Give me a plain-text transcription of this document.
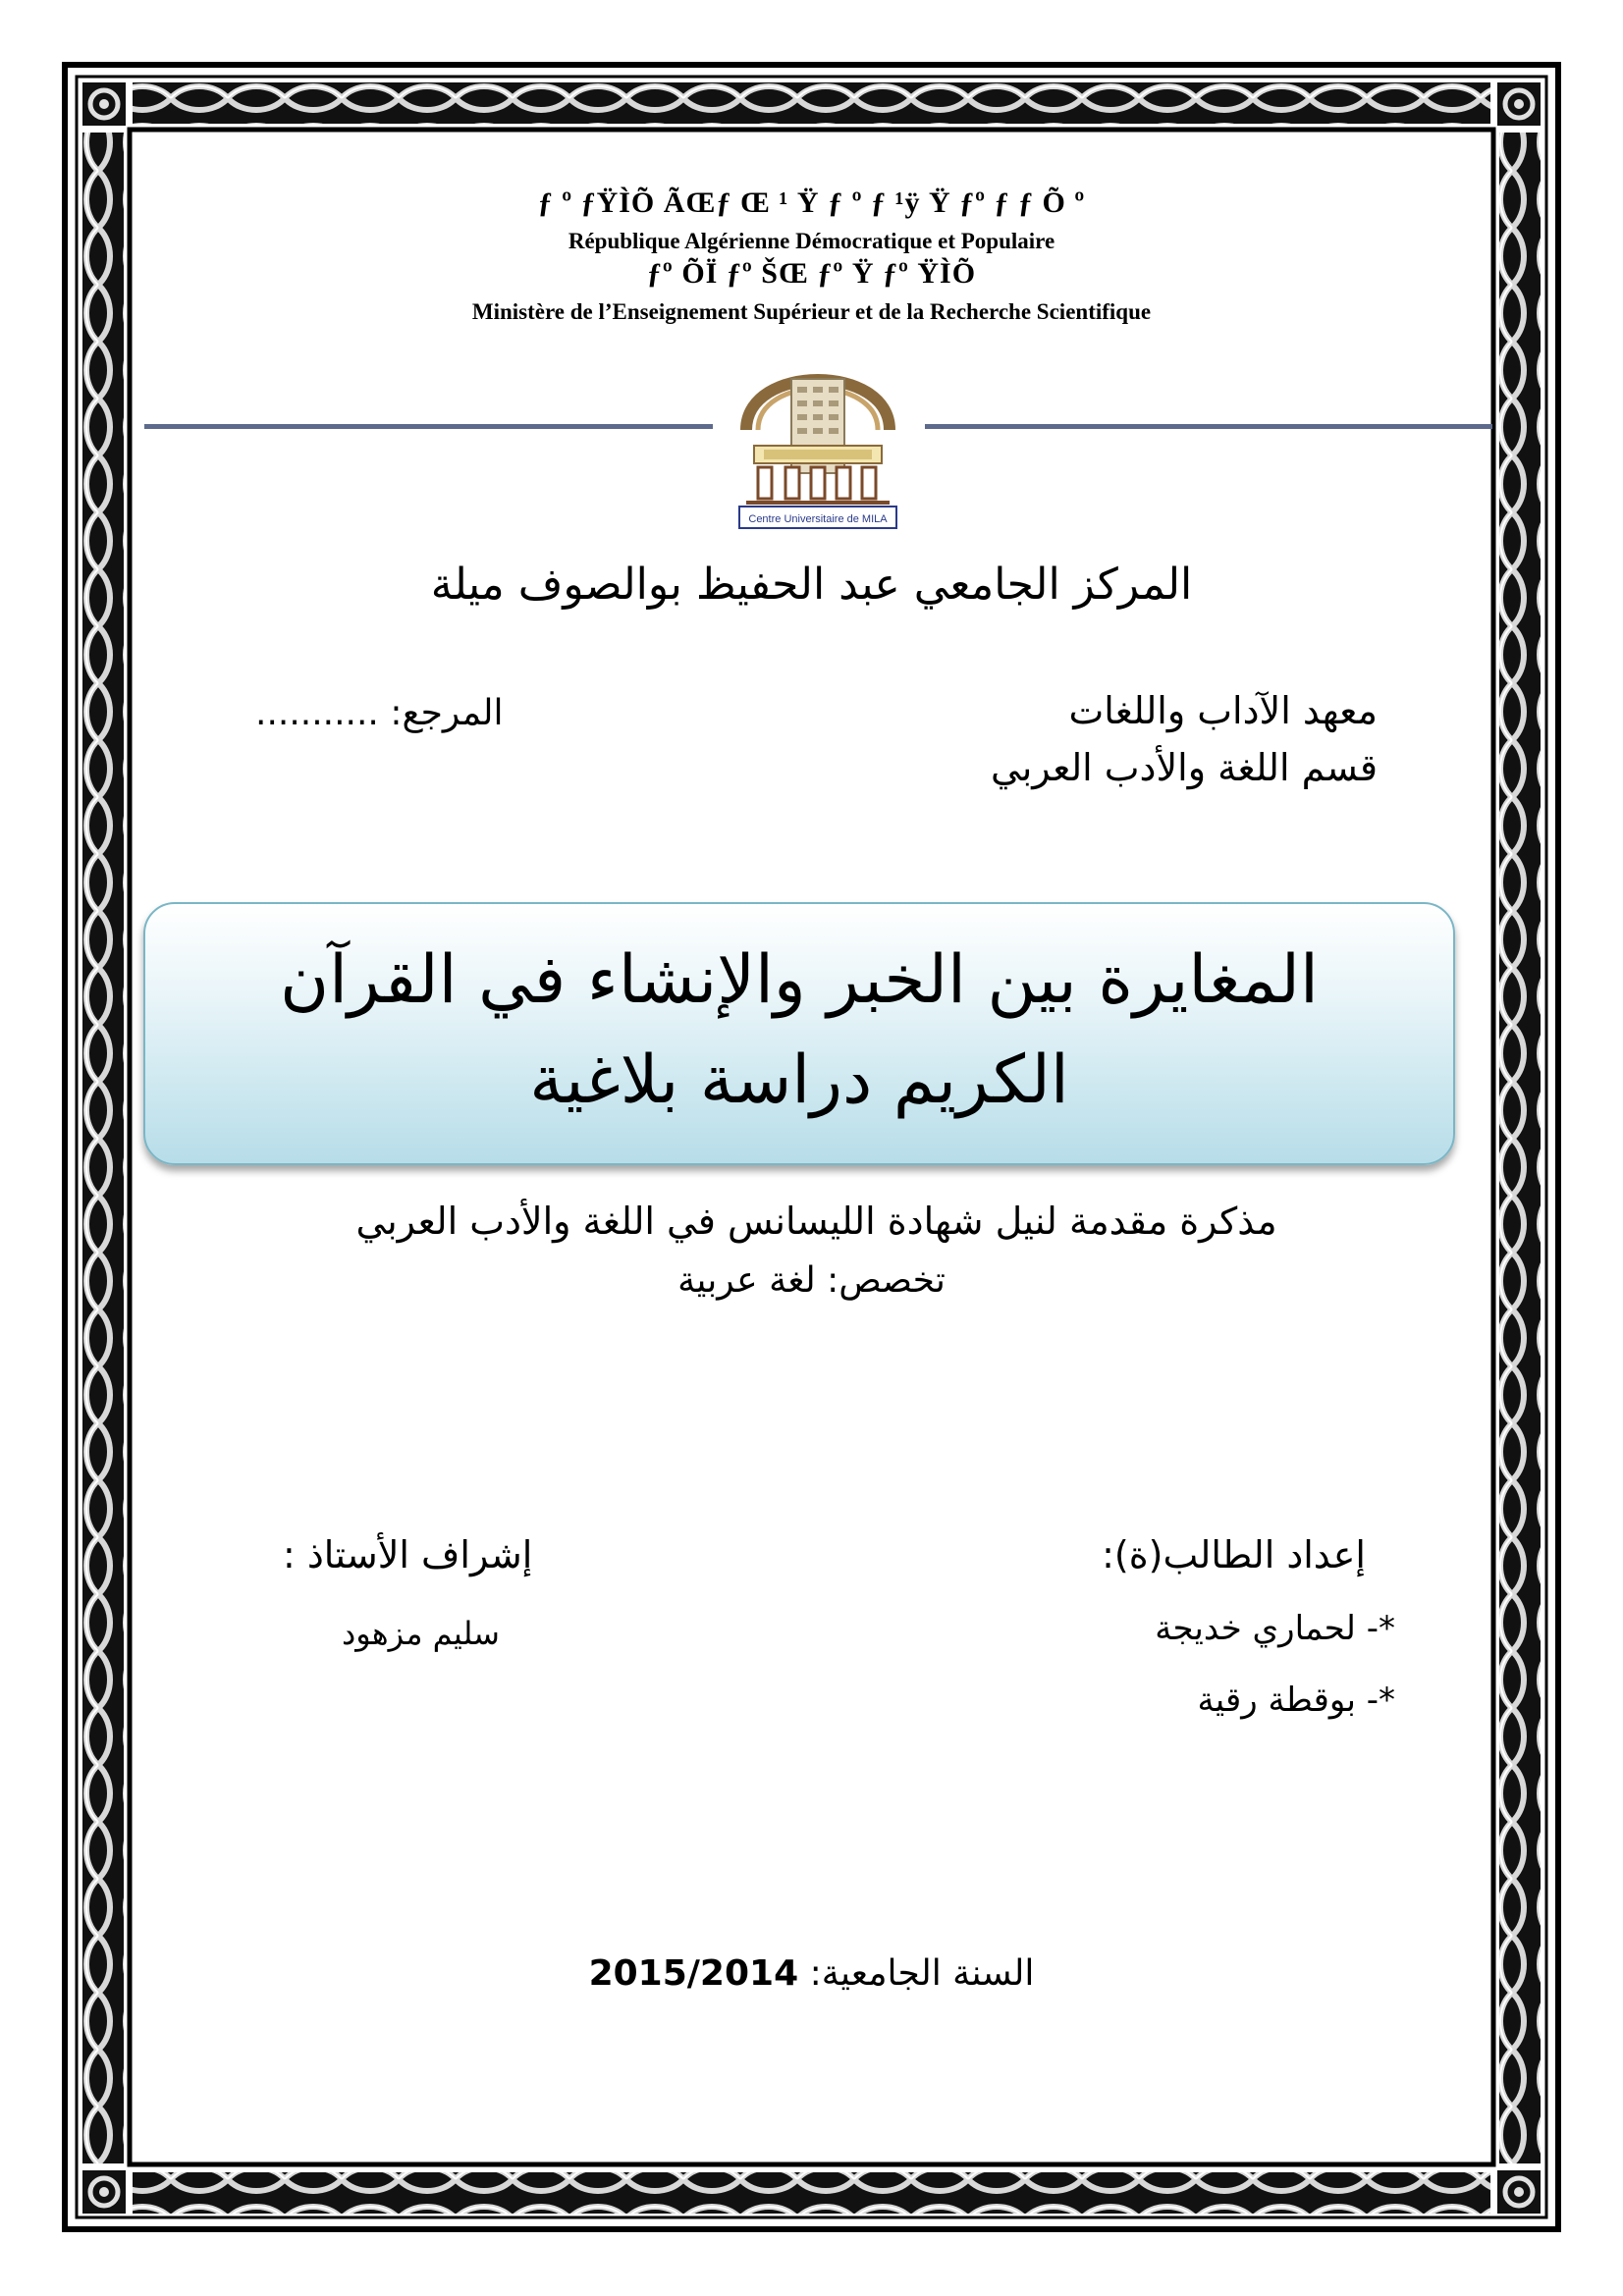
ƒ º ƒŸÌÕ ÃŒƒ Œ ¹ Ÿ ƒ º ƒ ¹ÿ Ÿ ƒº ƒ ƒ Õ º
République Algérienne Démocratique et Populaire
ƒº ÕÏ ƒº ŠŒ ƒº Ÿ ƒº ŸÌÕ
Ministère de l’Enseignement Supérieur et de la Recherche Scientifique
Centre Universitaire de MILA
المركز الجامعي عبد الحفيظ بوالصوف ميلة
معهد الآداب واللغات
قسم اللغة والأدب العربي
المرجع: ...........
المغايرة بين الخبر والإنشاء في القرآن
الكريم دراسة بلاغية
مذكرة مقدمة لنيل شهادة الليسانس في اللغة والأدب العربي
تخصص: لغة عربية
إعداد الطالب(ة):
*- لحماري خديجة
*- بوقطة رقية
إشراف الأستاذ :
سليم مزهود
السنة الجامعية: 2015/2014
